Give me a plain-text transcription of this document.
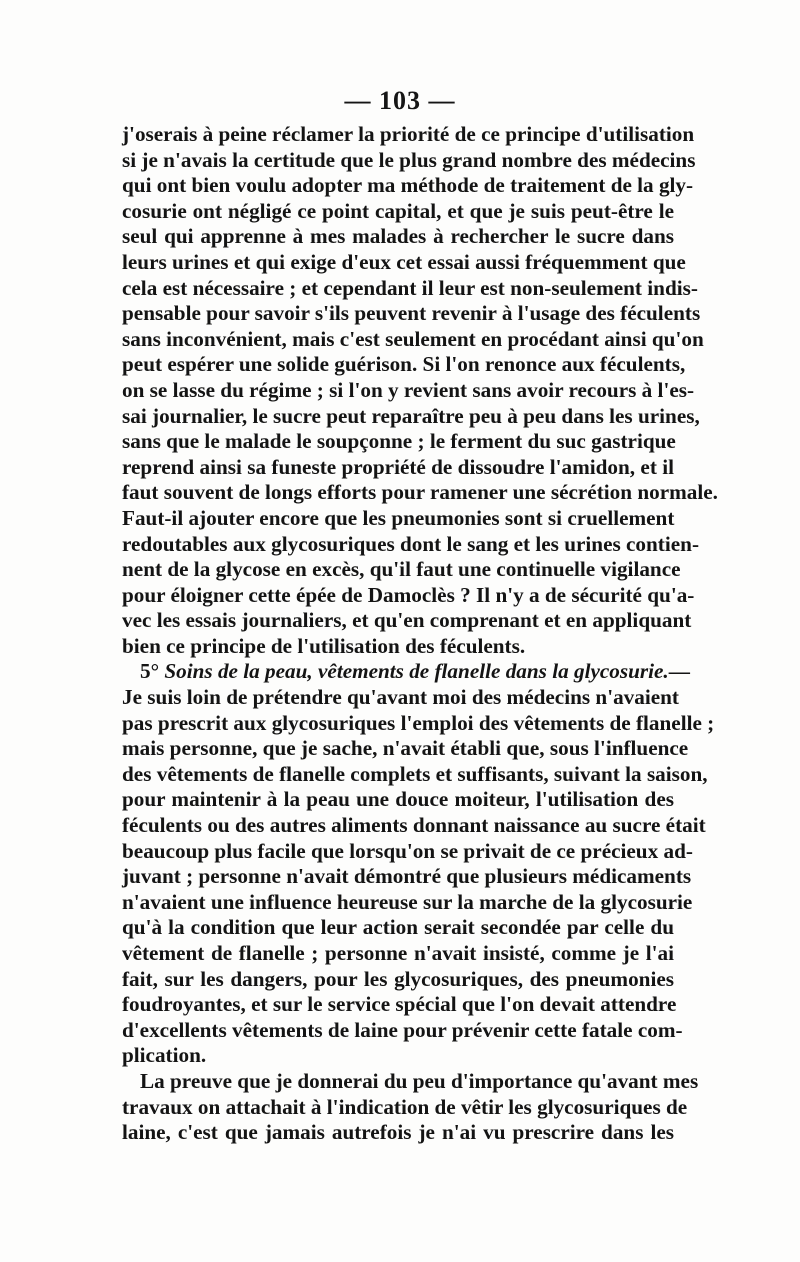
— 103 —
j'oserais à peine réclamer la priorité de ce principe d'utilisation
si je n'avais la certitude que le plus grand nombre des médecins
qui ont bien voulu adopter ma méthode de traitement de la gly-
cosurie ont négligé ce point capital, et que je suis peut-être le
seul qui apprenne à mes malades à rechercher le sucre dans
leurs urines et qui exige d'eux cet essai aussi fréquemment que
cela est nécessaire ; et cependant il leur est non-seulement indis-
pensable pour savoir s'ils peuvent revenir à l'usage des féculents
sans inconvénient, mais c'est seulement en procédant ainsi qu'on
peut espérer une solide guérison. Si l'on renonce aux féculents,
on se lasse du régime ; si l'on y revient sans avoir recours à l'es-
sai journalier, le sucre peut reparaître peu à peu dans les urines,
sans que le malade le soupçonne ; le ferment du suc gastrique
reprend ainsi sa funeste propriété de dissoudre l'amidon, et il
faut souvent de longs efforts pour ramener une sécrétion normale.
Faut-il ajouter encore que les pneumonies sont si cruellement
redoutables aux glycosuriques dont le sang et les urines contien-
nent de la glycose en excès, qu'il faut une continuelle vigilance
pour éloigner cette épée de Damoclès ? Il n'y a de sécurité qu'a-
vec les essais journaliers, et qu'en comprenant et en appliquant
bien ce principe de l'utilisation des féculents.
5° Soins de la peau, vêtements de flanelle dans la glycosurie.—
Je suis loin de prétendre qu'avant moi des médecins n'avaient
pas prescrit aux glycosuriques l'emploi des vêtements de flanelle ;
mais personne, que je sache, n'avait établi que, sous l'influence
des vêtements de flanelle complets et suffisants, suivant la saison,
pour maintenir à la peau une douce moiteur, l'utilisation des
féculents ou des autres aliments donnant naissance au sucre était
beaucoup plus facile que lorsqu'on se privait de ce précieux ad-
juvant ; personne n'avait démontré que plusieurs médicaments
n'avaient une influence heureuse sur la marche de la glycosurie
qu'à la condition que leur action serait secondée par celle du
vêtement de flanelle ; personne n'avait insisté, comme je l'ai
fait, sur les dangers, pour les glycosuriques, des pneumonies
foudroyantes, et sur le service spécial que l'on devait attendre
d'excellents vêtements de laine pour prévenir cette fatale com-
plication.
La preuve que je donnerai du peu d'importance qu'avant mes
travaux on attachait à l'indication de vêtir les glycosuriques de
laine, c'est que jamais autrefois je n'ai vu prescrire dans les
